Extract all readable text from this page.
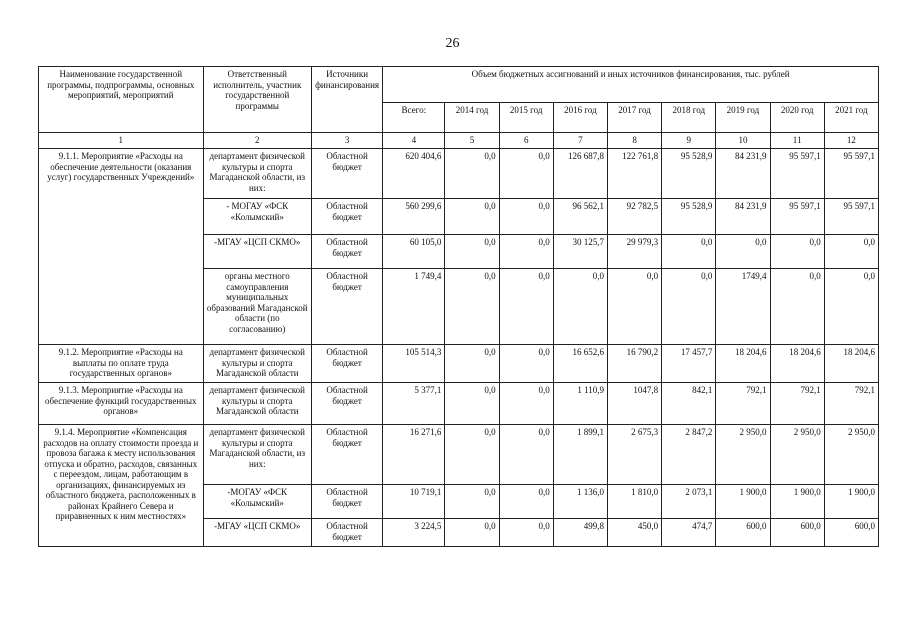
26
Наименование государственной программы, подпрограммы, основных мероприятий, мероприятий	Ответственный исполнитель, участник государственной программы	Источники финансирования	Объем бюджетных ассигнований и иных источников финансирования, тыс. рублей								
			Всего:	2014 год	2015 год	2016 год	2017 год	2018 год	2019 год	2020 год	2021 год
1	2	3	4	5	6	7	8	9	10	11	12
9.1.1. Мероприятие «Расходы на обеспечение деятельности (оказания услуг) государственных Учреждений»	департамент физической культуры и спорта Магаданской области, из них:	Областной бюджет	620 404,6	0,0	0,0	126 687,8	122 761,8	95 528,9	84 231,9	95 597,1	95 597,1
	- МОГАУ «ФСК «Колымский»	Областной бюджет	560 299,6	0,0	0,0	96 562,1	92 782,5	95 528,9	84 231,9	95 597,1	95 597,1
	-МГАУ «ЦСП СКМО»	Областной бюджет	60 105,0	0,0	0,0	30 125,7	29 979,3	0,0	0,0	0,0	0,0
	органы местного самоуправления муниципальных образований Магаданской области (по согласованию)	Областной бюджет	1 749,4	0,0	0,0	0,0	0,0	0,0	1749,4	0,0	0,0
9.1.2. Мероприятие «Расходы на выплаты по оплате труда государственных органов»	департамент физической культуры и спорта Магаданской области	Областной бюджет	105 514,3	0,0	0,0	16 652,6	16 790,2	17 457,7	18 204,6	18 204,6	18 204,6
9.1.3. Мероприятие «Расходы на обеспечение функций государственных органов»	департамент физической культуры и спорта Магаданской области	Областной бюджет	5 377,1	0,0	0,0	1 110,9	1047,8	842,1	792,1	792,1	792,1
9.1.4. Мероприятие «Компенсация расходов на оплату стоимости проезда и провоза багажа к месту использования отпуска и обратно, расходов, связанных с переездом, лицам, работающим в организациях, финансируемых из областного бюджета, расположенных в районах Крайнего Севера и приравненных к ним местностях»	департамент физической культуры и спорта Магаданской области, из них:	Областной бюджет	16 271,6	0,0	0,0	1 899,1	2 675,3	2 847,2	2 950,0	2 950,0	2 950,0
	-МОГАУ «ФСК «Колымский»	Областной бюджет	10 719,1	0,0	0,0	1 136,0	1 810,0	2 073,1	1 900,0	1 900,0	1 900,0
	-МГАУ «ЦСП СКМО»	Областной бюджет	3 224,5	0,0	0,0	499,8	450,0	474,7	600,0	600,0	600,0
